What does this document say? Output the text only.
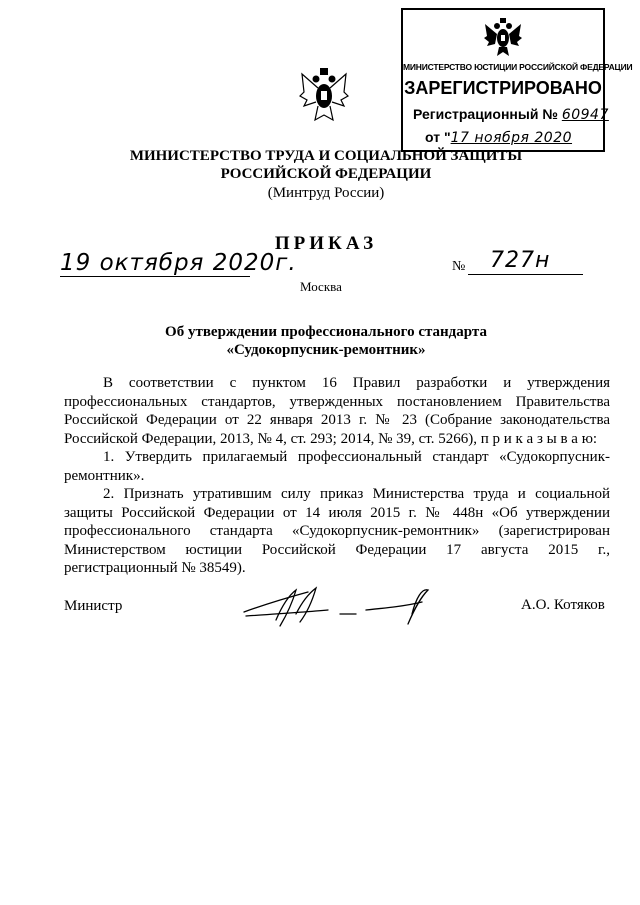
МИНИСТЕРСТВО ЮСТИЦИИ РОССИЙСКОЙ ФЕДЕРАЦИИ
ЗАРЕГИСТРИРОВАНО
Регистрационный № 60947
от "17 ноября 2020
МИНИСТЕРСТВО ТРУДА И СОЦИАЛЬНОЙ ЗАЩИТЫ
РОССИЙСКОЙ ФЕДЕРАЦИИ
(Минтруд России)
ПРИКАЗ
19 октября 2020г.	№ 727н
Москва
Об утверждении профессионального стандарта
«Судокорпусник-ремонтник»

В соответствии с пунктом 16 Правил разработки и утверждения профессиональных стандартов, утвержденных постановлением Правительства Российской Федерации от 22 января 2013 г. № 23 (Собрание законодательства Российской Федерации, 2013, № 4, ст. 293; 2014, № 39, ст. 5266), п р и к а з ы в а ю:

1. Утвердить прилагаемый профессиональный стандарт «Судокорпусник-ремонтник».

2. Признать утратившим силу приказ Министерства труда и социальной защиты Российской Федерации от 14 июля 2015 г. № 448н «Об утверждении профессионального стандарта «Судокорпусник-ремонтник» (зарегистрирован Министерством юстиции Российской Федерации 17 августа 2015 г., регистрационный № 38549).

Министр	А.О. Котяков
